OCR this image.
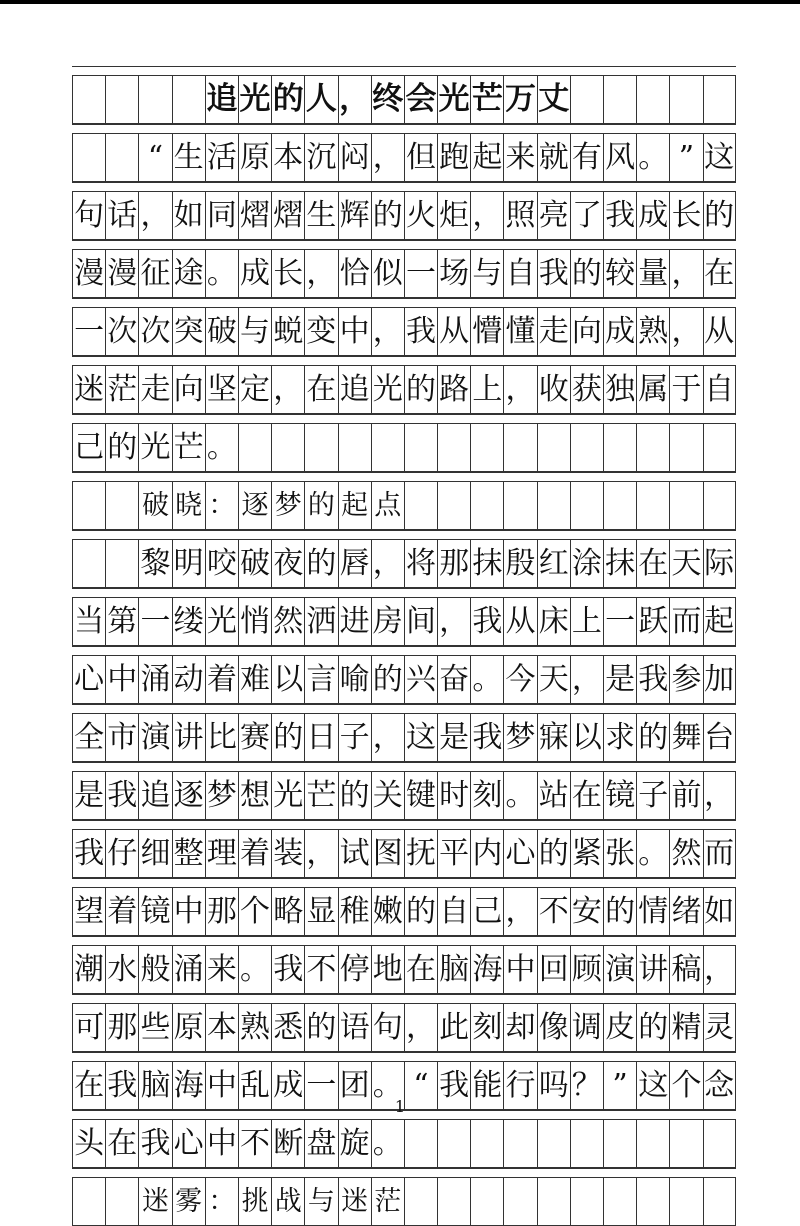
追 光 的 人 ， 终 会 光 芒 万 丈
“ 生 活 原 本 沉 闷 ， 但 跑 起 来 就 有 风 。 ” 这
句 话 ， 如 同 熠 熠 生 辉 的 火 炬 ， 照 亮 了 我 成 长 的
漫 漫 征 途 。 成 长 ， 恰 似 一 场 与 自 我 的 较 量 ， 在
一 次 次 突 破 与 蜕 变 中 ， 我 从 懵 懂 走 向 成 熟 ， 从
迷 茫 走 向 坚 定 ， 在 追 光 的 路 上 ， 收 获 独 属 于 自
己 的 光 芒 。
破 晓 ： 逐 梦 的 起 点
黎 明 咬 破 夜 的 唇 ， 将 那 抹 殷 红 涂 抹 在 天 际
当 第 一 缕 光 悄 然 洒 进 房 间 ， 我 从 床 上 一 跃 而 起
心 中 涌 动 着 难 以 言 喻 的 兴 奋 。 今 天 ， 是 我 参 加
全 市 演 讲 比 赛 的 日 子 ， 这 是 我 梦 寐 以 求 的 舞 台
是 我 追 逐 梦 想 光 芒 的 关 键 时 刻 。 站 在 镜 子 前 ，
我 仔 细 整 理 着 装 ， 试 图 抚 平 内 心 的 紧 张 。 然 而
望 着 镜 中 那 个 略 显 稚 嫩 的 自 己 ， 不 安 的 情 绪 如
潮 水 般 涌 来 。 我 不 停 地 在 脑 海 中 回 顾 演 讲 稿 ，
可 那 些 原 本 熟 悉 的 语 句 ， 此 刻 却 像 调 皮 的 精 灵
在 我 脑 海 中 乱 成 一 团 。 “ 我 能 行 吗 ？ ” 这 个 念
头 在 我 心 中 不 断 盘 旋 。
迷 雾 ： 挑 战 与 迷 茫
1
